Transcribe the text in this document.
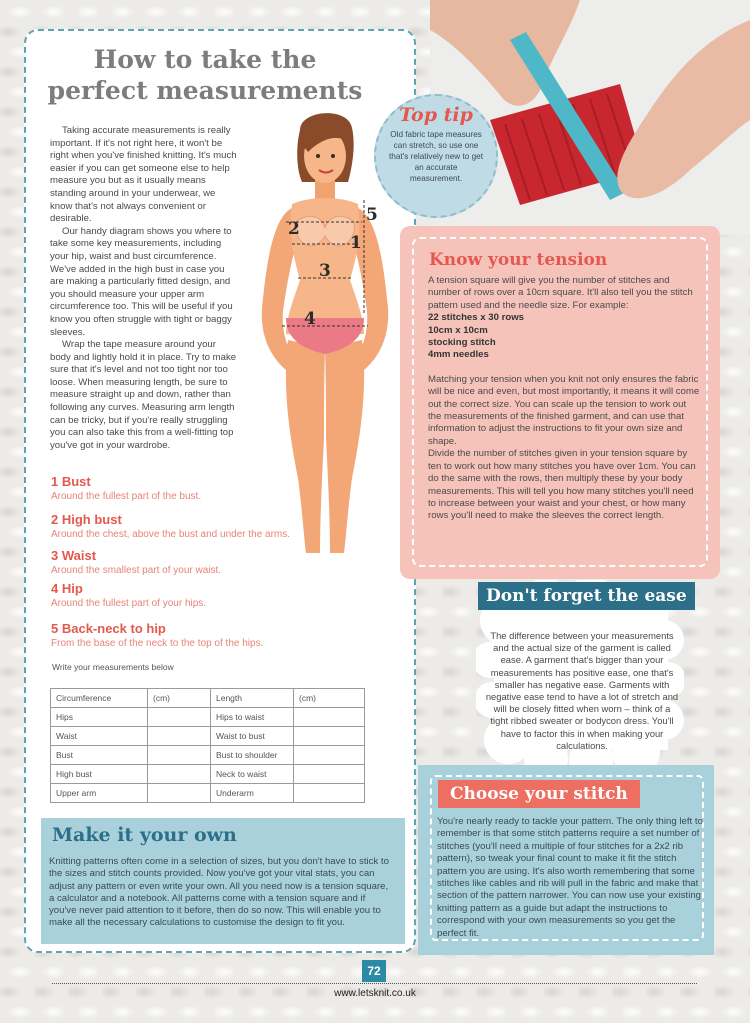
How to take the
perfect measurements

Taking accurate measurements is really important. If it's not right here, it won't be right when you've finished knitting. It's much easier if you can get someone else to help measure you but as it usually means standing around in your underwear, we know that's not always convenient or desirable.

Our handy diagram shows you where to take some key measurements, including your hip, waist and bust circumference. We've added in the high bust in case you are making a particularly fitted design, and you should measure your upper arm circumference too. This will be useful if you know you often struggle with tight or baggy sleeves.

Wrap the tape measure around your body and lightly hold it in place. Try to make sure that it's level and not too tight nor too loose. When measuring length, be sure to measure straight up and down, rather than following any curves. Measuring arm length can be tricky, but if you're really struggling you can also take this from a well-fitting top you've got in your wardrobe.

1
2
3
4
5
1 Bust
Around the fullest part of the bust.
2 High bust
Around the chest, above the bust and under the arms.
3 Waist
Around the smallest part of your waist.
4 Hip
Around the fullest part of your hips.
5 Back-neck to hip
From the base of the neck to the top of the hips.
Write your measurements below
Circumference	(cm)	Length	(cm)
Hips		Hips to waist	
Waist		Waist to bust	
Bust		Bust to shoulder	
High bust		Neck to waist	
Upper arm		Underarm	
Top tip
Old fabric tape measures can stretch, so use one that's relatively new to get an accurate measurement.
Know your tension

A tension square will give you the number of stitches and number of rows over a 10cm square. It'll also tell you the stitch pattern used and the needle size. For example:

22 stitches x 30 rows

10cm x 10cm

stocking stitch

4mm needles

Matching your tension when you knit not only ensures the fabric will be nice and even, but most importantly, it means it will come out the correct size. You can scale up the tension to work out the measurements of the finished garment, and can use that information to adjust the instructions to fit your own size and shape.

Divide the number of stitches given in your tension square by ten to work out how many stitches you have over 1cm. You can do the same with the rows, then multiply these by your body measurements. This will tell you how many stitches you'll need to increase between your waist and your chest, or how many rows you'll need to make the sleeves the correct length.

Don't forget the ease
The difference between your measurements and the actual size of the garment is called ease. A garment that's bigger than your measurements has positive ease, one that's smaller has negative ease. Garments with negative ease tend to have a lot of stretch and will be closely fitted when worn – think of a tight ribbed sweater or bodycon dress. You'll have to factor this in when making your calculations.
Choose your stitch
You're nearly ready to tackle your pattern. The only thing left to remember is that some stitch patterns require a set number of stitches (you'll need a multiple of four stitches for a 2x2 rib pattern), so tweak your final count to make it fit the stitch pattern you are using. It's also worth remembering that some stitches like cables and rib will pull in the fabric and make that section of the pattern narrower. You can now use your existing knitting pattern as a guide but adapt the instructions to correspond with your own measurements so you get the perfect fit.
Make it your own
Knitting patterns often come in a selection of sizes, but you don't have to stick to the sizes and stitch counts provided. Now you've got your vital stats, you can adjust any pattern or even write your own. All you need now is a tension square, a calculator and a notebook. All patterns come with a tension square and if you've never paid attention to it before, then do so now. This will enable you to make all the necessary calculations to customise the design to fit you.
72
www.letsknit.co.uk
